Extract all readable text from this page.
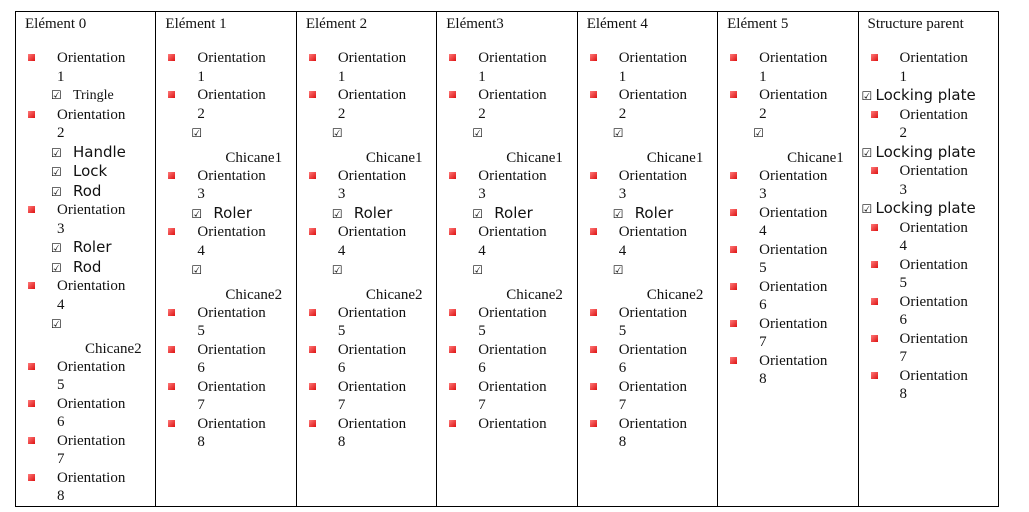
Elément 0
Orientation
1
☑ Tringle
Orientation
2
☑ Handle
☑ Lock
☑ Rod
Orientation
3
☑ Roler
☑ Rod
Orientation
4
☑
Chicane2
Orientation
5
Orientation
6
Orientation
7
Orientation
8

Elément 1
Orientation
1
Orientation
2
☑
Chicane1
Orientation
3
☑ Roler
Orientation
4
☑
Chicane2
Orientation
5
Orientation
6
Orientation
7
Orientation
8

Elément 2
Orientation
1
Orientation
2
☑
Chicane1
Orientation
3
☑ Roler
Orientation
4
☑
Chicane2
Orientation
5
Orientation
6
Orientation
7
Orientation
8

Elément3
Orientation
1
Orientation
2
☑
Chicane1
Orientation
3
☑ Roler
Orientation
4
☑
Chicane2
Orientation
5
Orientation
6
Orientation
7
Orientation

Elément 4
Orientation
1
Orientation
2
☑
Chicane1
Orientation
3
☑ Roler
Orientation
4
☑
Chicane2
Orientation
5
Orientation
6
Orientation
7
Orientation
8

Elément 5
Orientation
1
Orientation
2
☑
Chicane1
Orientation
3
Orientation
4
Orientation
5
Orientation
6
Orientation
7
Orientation
8

Structure parent
Orientation
1
☑ Locking plate
Orientation
2
☑ Locking plate
Orientation
3
☑ Locking plate
Orientation
4
Orientation
5
Orientation
6
Orientation
7
Orientation
8
